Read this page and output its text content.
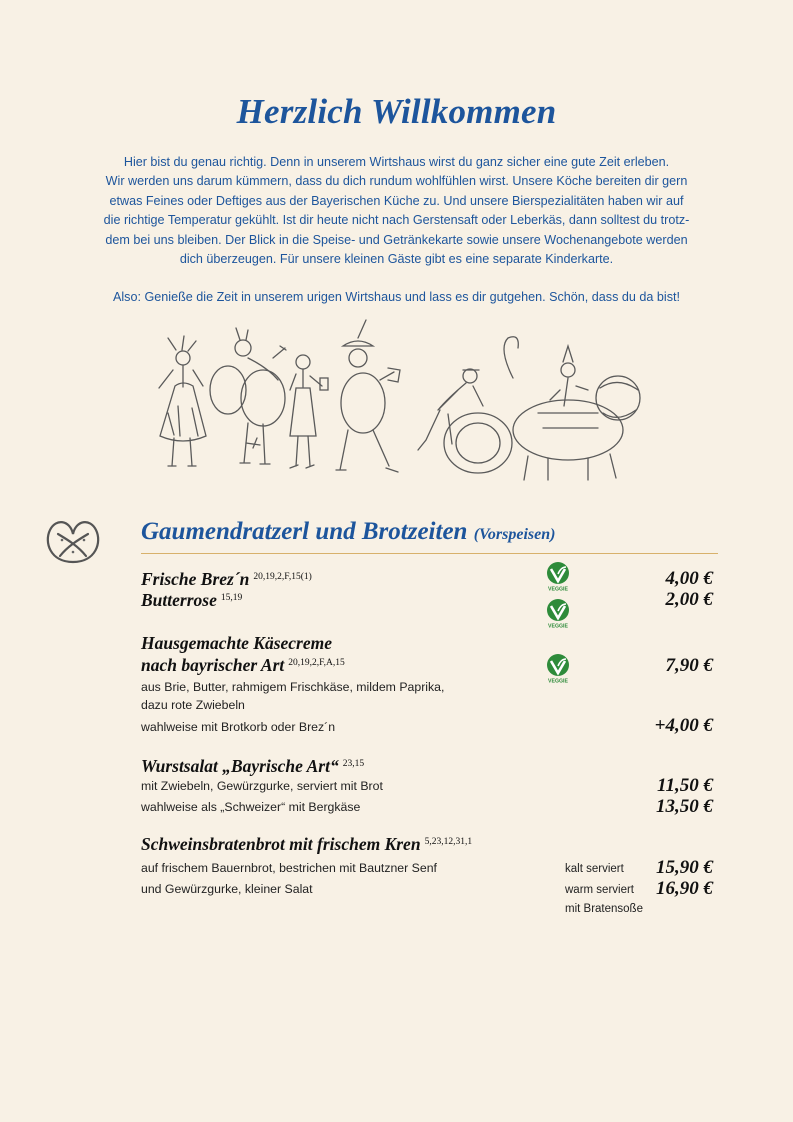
Herzlich Willkommen

Hier bist du genau richtig. Denn in unserem Wirtshaus wirst du ganz sicher eine gute Zeit erleben.
Wir werden uns darum kümmern, dass du dich rundum wohlfühlen wirst. Unsere Köche bereiten dir gern
etwas Feines oder Deftiges aus der Bayerischen Küche zu. Und unsere Bierspezialitäten haben wir auf
die richtige Temperatur gekühlt. Ist dir heute nicht nach Gerstensaft oder Leberkäs, dann solltest du trotz-
dem bei uns bleiben. Der Blick in die Speise- und Getränkekarte sowie unsere Wochenangebote werden
dich überzeugen. Für unsere kleinen Gäste gibt es eine separate Kinderkarte.

Also: Genieße die Zeit in unserem urigen Wirtshaus und lass es dir gutgehen. Schön, dass du da bist!

Gaumendratzerl und Brotzeiten (Vorspeisen)
Frische Brez´n $^{20,19,2,F,15(1)}$	4,00 €
Butterrose $^{15,19}$	2,00 €
VEGGIE
VEGGIE
VEGGIE
Hausgemachte Käsecreme
nach bayrischer Art $^{20,19,2,F,A,15}$	7,90 €
aus Brie, Butter, rahmigem Frischkäse, mildem Paprika,
dazu rote Zwiebeln
wahlweise mit Brotkorb oder Brez´n	+4,00 €
Wurstsalat „Bayrische Art“ $^{23,15}$
mit Zwiebeln, Gewürzgurke, serviert mit Brot	11,50 €
wahlweise als „Schweizer“ mit Bergkäse	13,50 €
Schweinsbratenbrot mit frischem Kren $^{5,23,12,31,1}$
auf frischem Bauernbrot, bestrichen mit Bautzner Senf
und Gewürzgurke, kleiner Salat
kalt serviert 15,90 €
warm serviert 16,90 €
mit Bratensoße
